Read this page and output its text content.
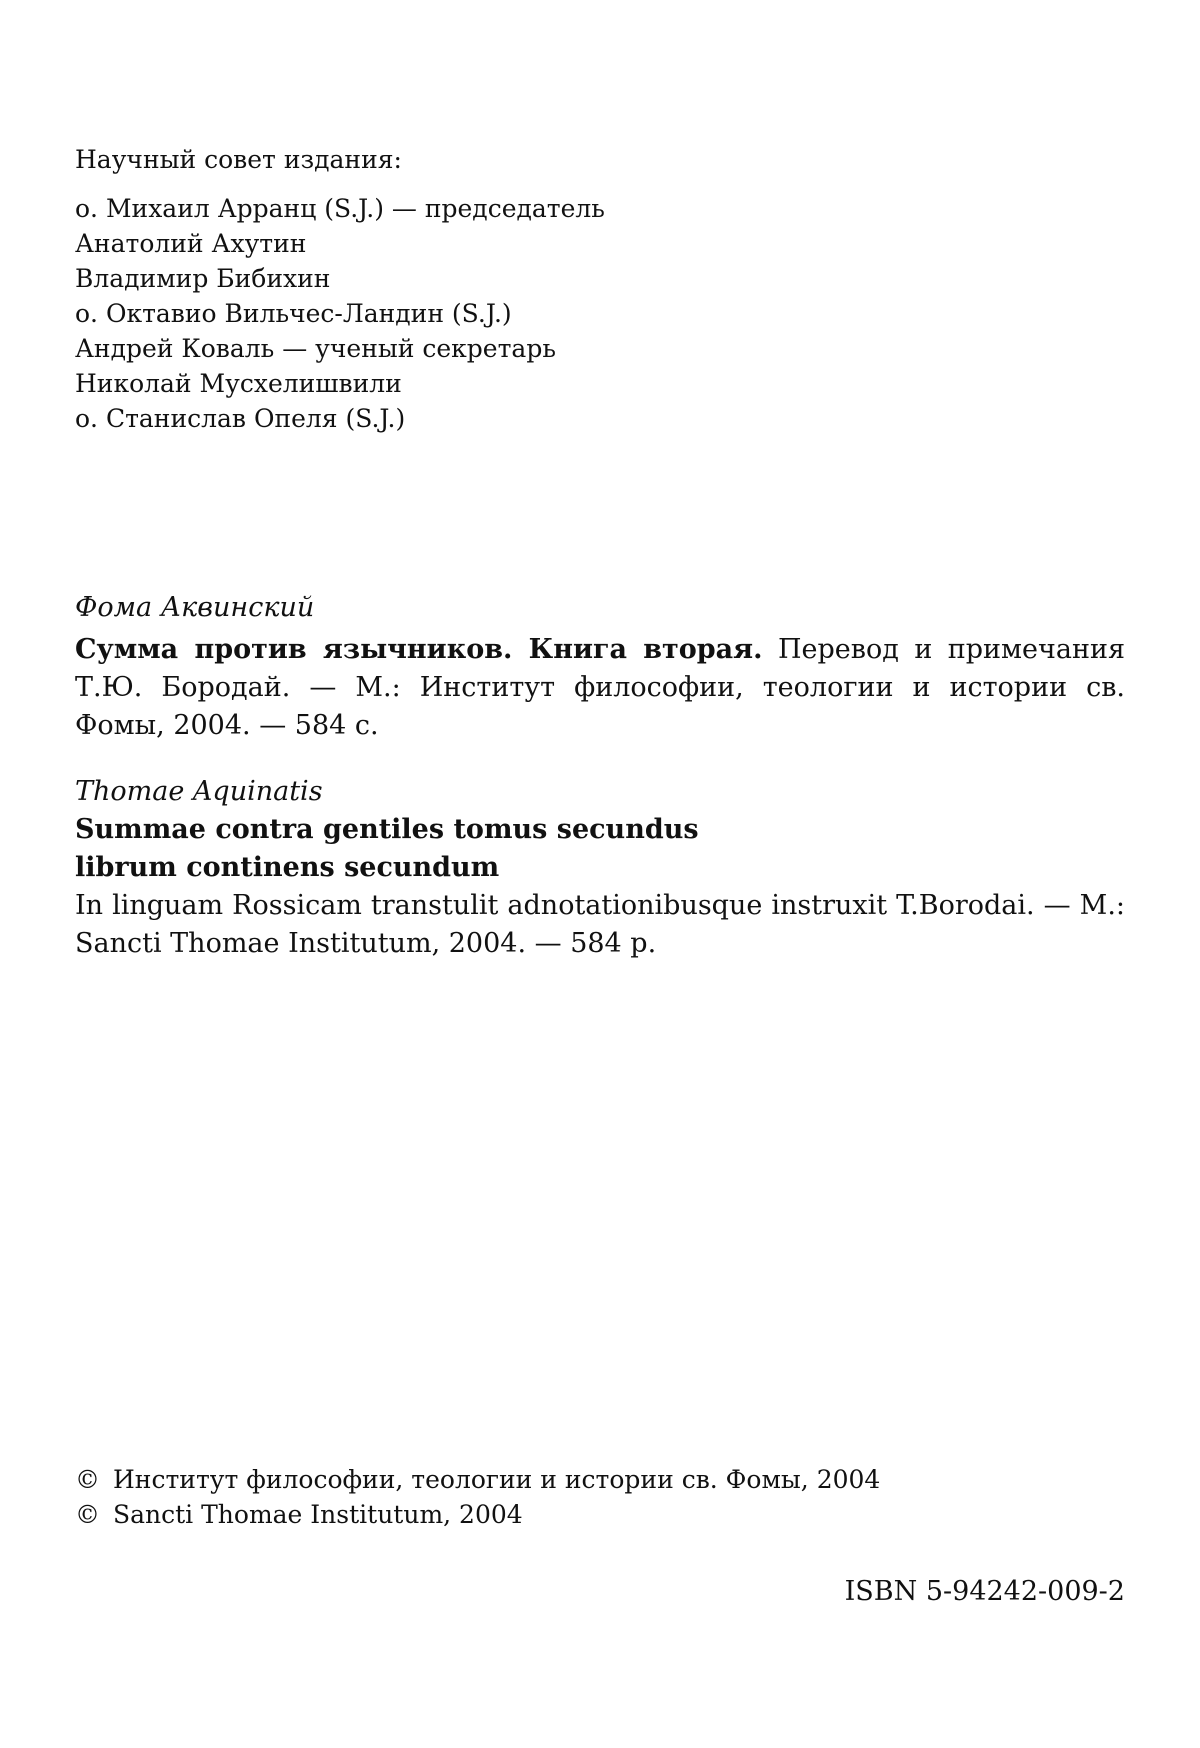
Научный совет издания:

о. Михаил Арранц (S.J.) — председатель
Анатолий Ахутин
Владимир Бибихин
о. Октавио Вильчес-Ландин (S.J.)
Андрей Коваль — ученый секретарь
Николай Мусхелишвили
о. Станислав Опеля (S.J.)

Фома Аквинский

Сумма против язычников. Книга вторая. Перевод и примечания Т.Ю. Бородай. — М.: Институт философии, теологии и истории св. Фомы, 2004. — 584 с.

Thomae Aquinatis

Summae contra gentiles tomus secundus

librum continens secundum

In linguam Rossicam transtulit adnotationibusque instruxit T.Borodai. — M.: Sancti Thomae Institutum, 2004. — 584 p.

© Институт философии, теологии и истории св. Фомы, 2004
© Sancti Thomae Institutum, 2004
ISBN 5-94242-009-2
